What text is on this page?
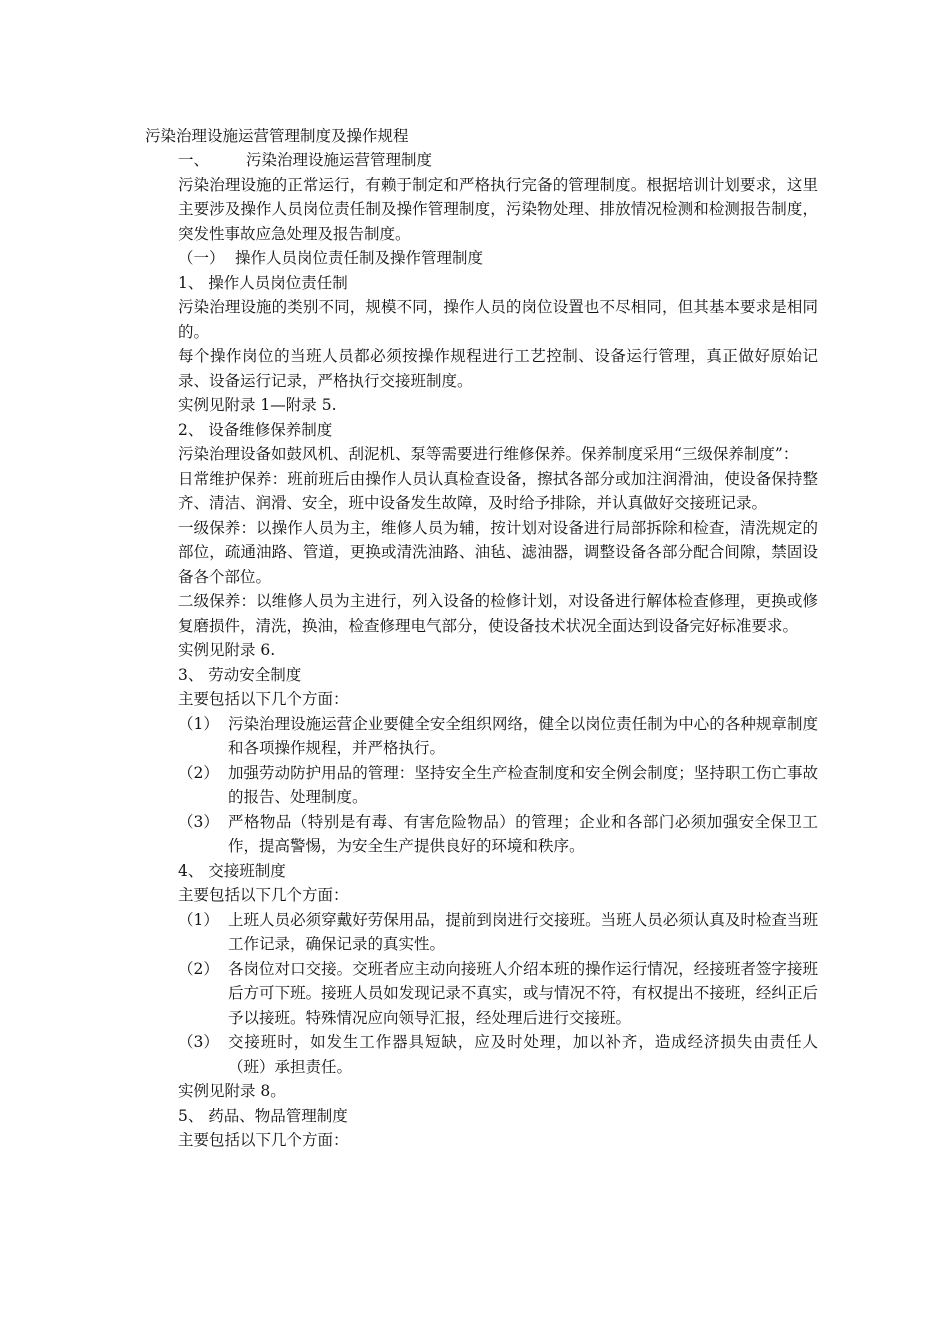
污染治理设施运营管理制度及操作规程

一、 污染治理设施运营管理制度

污染治理设施的正常运行，有赖于制定和严格执行完备的管理制度。根据培训计划要求，这里主要涉及操作人员岗位责任制及操作管理制度，污染物处理、排放情况检测和检测报告制度，突发性事故应急处理及报告制度。

（一） 操作人员岗位责任制及操作管理制度

1、 操作人员岗位责任制

污染治理设施的类别不同，规模不同，操作人员的岗位设置也不尽相同，但其基本要求是相同的。

每个操作岗位的当班人员都必须按操作规程进行工艺控制、设备运行管理，真正做好原始记录、设备运行记录，严格执行交接班制度。

实例见附录 1—附录 5.

2、 设备维修保养制度

污染治理设备如鼓风机、刮泥机、泵等需要进行维修保养。保养制度采用“三级保养制度”：

日常维护保养：班前班后由操作人员认真检查设备，擦拭各部分或加注润滑油，使设备保持整齐、清洁、润滑、安全，班中设备发生故障，及时给予排除，并认真做好交接班记录。

一级保养：以操作人员为主，维修人员为辅，按计划对设备进行局部拆除和检查，清洗规定的部位，疏通油路、管道，更换或清洗油路、油毡、滤油器，调整设备各部分配合间隙，禁固设备各个部位。

二级保养：以维修人员为主进行，列入设备的检修计划，对设备进行解体检查修理，更换或修复磨损件，清洗，换油，检查修理电气部分，使设备技术状况全面达到设备完好标准要求。

实例见附录 6.

3、 劳动安全制度

主要包括以下几个方面：

（1） 污染治理设施运营企业要健全安全组织网络，健全以岗位责任制为中心的各种规章制度和各项操作规程，并严格执行。
（2） 加强劳动防护用品的管理：坚持安全生产检查制度和安全例会制度；坚持职工伤亡事故的报告、处理制度。
（3） 严格物品（特别是有毒、有害危险物品）的管理；企业和各部门必须加强安全保卫工作，提高警惕，为安全生产提供良好的环境和秩序。

4、 交接班制度

主要包括以下几个方面：

（1） 上班人员必须穿戴好劳保用品，提前到岗进行交接班。当班人员必须认真及时检查当班工作记录，确保记录的真实性。
（2） 各岗位对口交接。交班者应主动向接班人介绍本班的操作运行情况，经接班者签字接班后方可下班。接班人员如发现记录不真实，或与情况不符，有权提出不接班，经纠正后予以接班。特殊情况应向领导汇报，经处理后进行交接班。
（3） 交接班时，如发生工作器具短缺，应及时处理，加以补齐，造成经济损失由责任人（班）承担责任。

实例见附录 8。

5、 药品、物品管理制度

主要包括以下几个方面：
